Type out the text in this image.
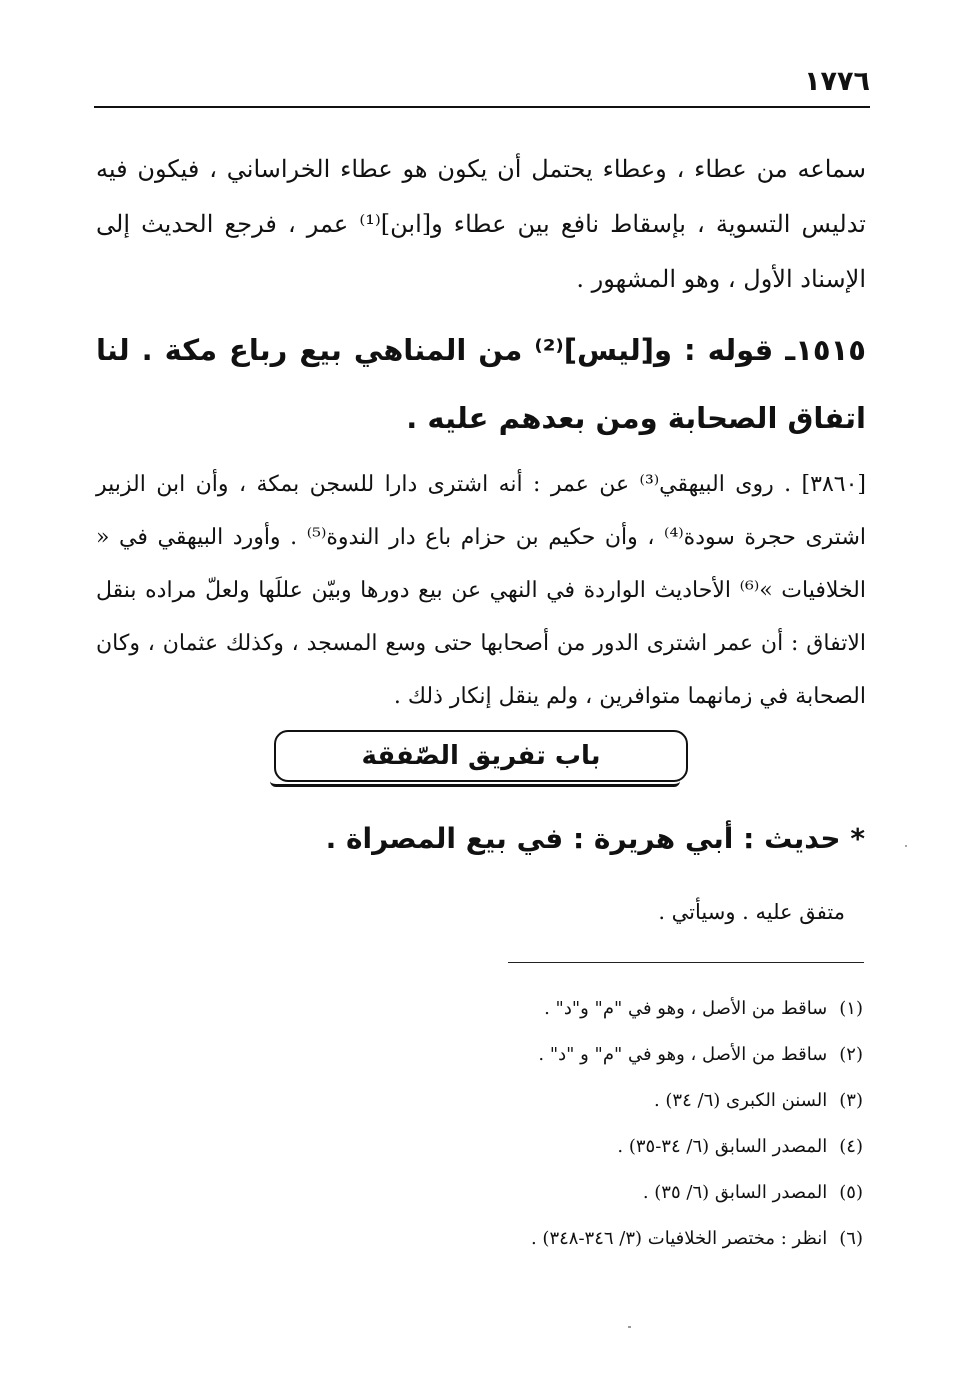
١٧٧٦

سماعه من عطاء ، وعطاء يحتمل أن يكون هو عطاء الخراساني ، فيكون فيه تدليس التسوية ، بإسقاط نافع بين عطاء و[ابن]⁽¹⁾ عمر ، فرجع الحديث إلى الإسناد الأول ، وهو المشهور .

١٥١٥ـ قوله : و[ليس]⁽²⁾ من المناهي بيع رباع مكة . لنا اتفاق الصحابة ومن بعدهم عليه .

[٣٨٦٠] . روى البيهقي⁽³⁾ عن عمر : أنه اشترى دارا للسجن بمكة ، وأن ابن الزبير اشترى حجرة سودة⁽⁴⁾ ، وأن حكيم بن حزام باع دار الندوة⁽⁵⁾ . وأورد البيهقي في « الخلافيات »⁽⁶⁾ الأحاديث الواردة في النهي عن بيع دورها وبيّن عللَها ولعلّ مراده بنقل الاتفاق : أن عمر اشترى الدور من أصحابها حتى وسع المسجد ، وكذلك عثمان ، وكان الصحابة في زمانهما متوافرين ، ولم ينقل إنكار ذلك .

باب تفريق الصّفقة
* حديث : أبي هريرة : في بيع المصراة .
متفق عليه . وسيأتي .
(١)ساقط من الأصل ، وهو في "م" و"د" .
(٢)ساقط من الأصل ، وهو في "م" و "د" .
(٣)السنن الكبرى (٦/ ٣٤) .
(٤)المصدر السابق (٦/ ٣٤-٣٥) .
(٥)المصدر السابق (٦/ ٣٥) .
(٦)انظر : مختصر الخلافيات (٣/ ٣٤٦-٣٤٨) .
